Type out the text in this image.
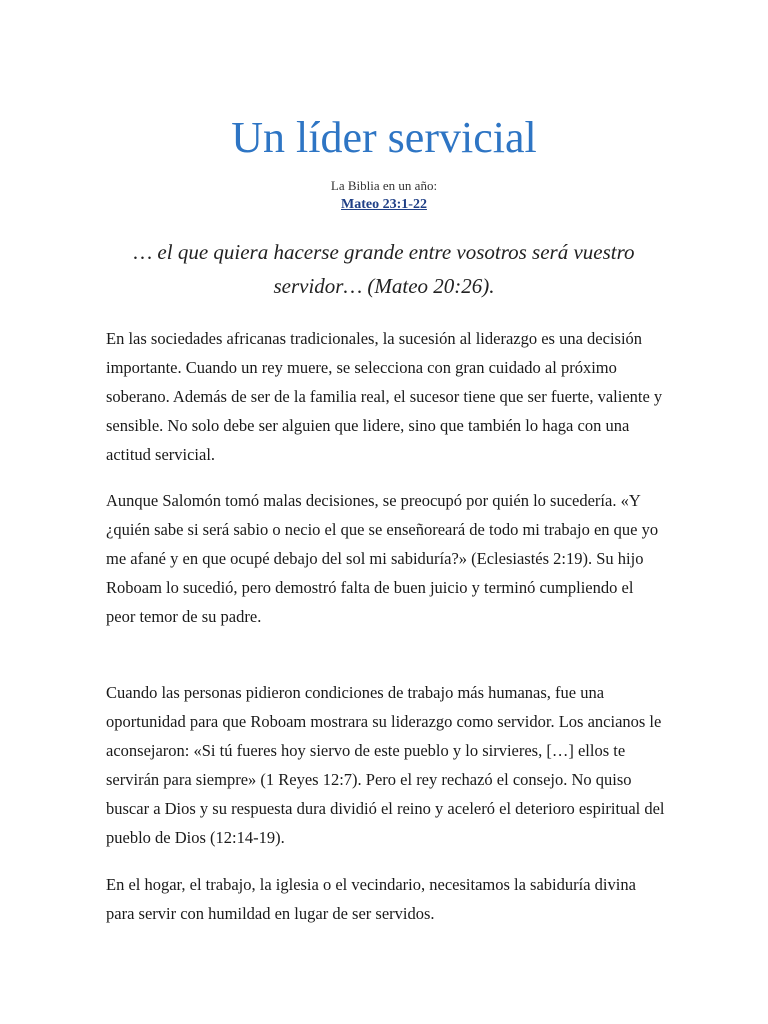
Un líder servicial
La Biblia en un año:
Mateo 23:1-22

… el que quiera hacerse grande entre vosotros será vuestro servidor… (Mateo 20:26).

En las sociedades africanas tradicionales, la sucesión al liderazgo es una decisión importante. Cuando un rey muere, se selecciona con gran cuidado al próximo soberano. Además de ser de la familia real, el sucesor tiene que ser fuerte, valiente y sensible. No solo debe ser alguien que lidere, sino que también lo haga con una actitud servicial.

Aunque Salomón tomó malas decisiones, se preocupó por quién lo sucedería. «Y ¿quién sabe si será sabio o necio el que se enseñoreará de todo mi trabajo en que yo me afané y en que ocupé debajo del sol mi sabiduría?» (Eclesiastés 2:19). Su hijo Roboam lo sucedió, pero demostró falta de buen juicio y terminó cumpliendo el peor temor de su padre.

Cuando las personas pidieron condiciones de trabajo más humanas, fue una oportunidad para que Roboam mostrara su liderazgo como servidor. Los ancianos le aconsejaron: «Si tú fueres hoy siervo de este pueblo y lo sirvieres, […] ellos te servirán para siempre» (1 Reyes 12:7). Pero el rey rechazó el consejo. No quiso buscar a Dios y su respuesta dura dividió el reino y aceleró el deterioro espiritual del pueblo de Dios (12:14-19).

En el hogar, el trabajo, la iglesia o el vecindario, necesitamos la sabiduría divina para servir con humildad en lugar de ser servidos.
